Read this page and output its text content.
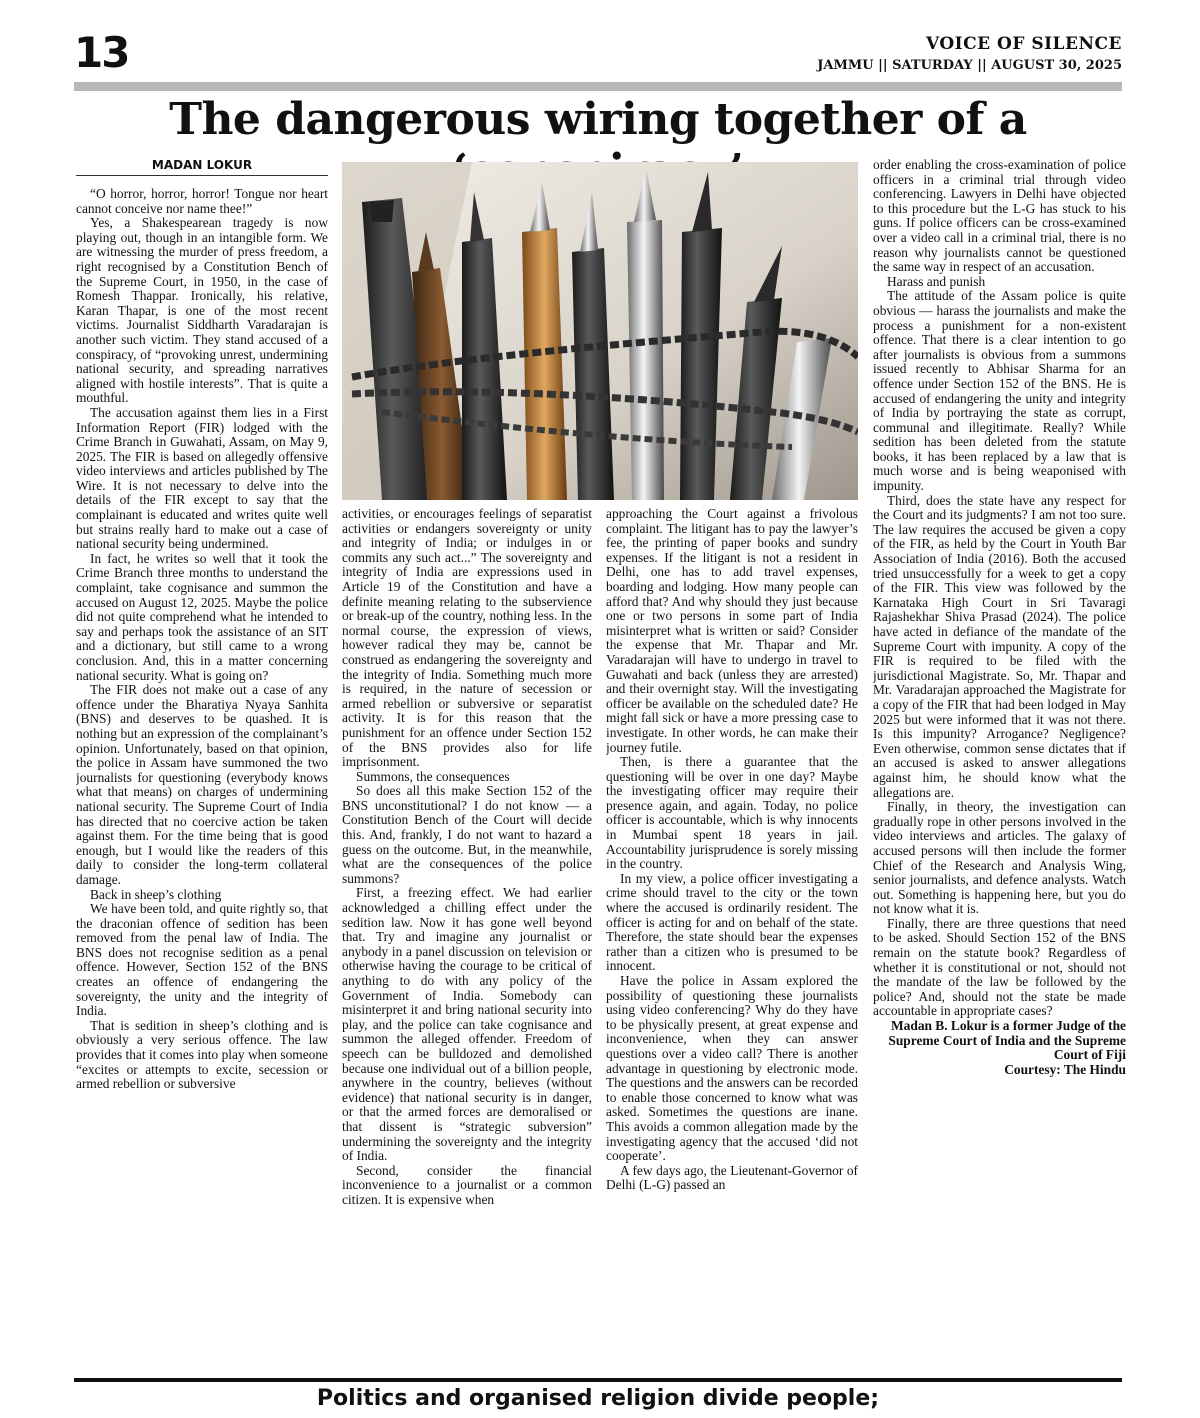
13	VOICE OF SILENCE
JAMMU || SATURDAY || AUGUST 30, 2025
The dangerous wiring together of a
MADAN LOKUR

“O horror, horror, horror! Tongue nor heart cannot conceive nor name thee!”

Yes, a Shakespearean tragedy is now playing out, though in an intangible form. We are witnessing the murder of press freedom, a right recognised by a Constitution Bench of the Supreme Court, in 1950, in the case of Romesh Thappar. Ironically, his relative, Karan Thapar, is one of the most recent victims. Journalist Siddharth Varadarajan is another such victim. They stand accused of a conspiracy, of “provoking unrest, undermining national security, and spreading narratives aligned with hostile interests”. That is quite a mouthful.

The accusation against them lies in a First Information Report (FIR) lodged with the Crime Branch in Guwahati, Assam, on May 9, 2025. The FIR is based on allegedly offensive video interviews and articles published by The Wire. It is not necessary to delve into the details of the FIR except to say that the complainant is educated and writes quite well but strains really hard to make out a case of national security being undermined.

In fact, he writes so well that it took the Crime Branch three months to understand the complaint, take cognisance and summon the accused on August 12, 2025. Maybe the police did not quite comprehend what he intended to say and perhaps took the assistance of an SIT and a dictionary, but still came to a wrong conclusion. And, this in a matter concerning national security. What is going on?

The FIR does not make out a case of any offence under the Bharatiya Nyaya Sanhita (BNS) and deserves to be quashed. It is nothing but an expression of the complainant’s opinion. Unfortunately, based on that opinion, the police in Assam have summoned the two journalists for questioning (everybody knows what that means) on charges of undermining national security. The Supreme Court of India has directed that no coercive action be taken against them. For the time being that is good enough, but I would like the readers of this daily to consider the long-term collateral damage.

Back in sheep’s clothing

We have been told, and quite rightly so, that the draconian offence of sedition has been removed from the penal law of India. The BNS does not recognise sedition as a penal offence. However, Section 152 of the BNS creates an offence of endangering the sovereignty, the unity and the integrity of India.

That is sedition in sheep’s clothing and is obviously a very serious offence. The law provides that it comes into play when someone “excites or attempts to excite, secession or armed rebellion or subversive

activities, or encourages feelings of separatist activities or endangers sovereignty or unity and integrity of India; or indulges in or commits any such act...” The sovereignty and integrity of India are expressions used in Article 19 of the Constitution and have a definite meaning relating to the subservience or break-up of the country, nothing less. In the normal course, the expression of views, however radical they may be, cannot be construed as endangering the sovereignty and the integrity of India. Something much more is required, in the nature of secession or armed rebellion or subversive or separatist activity. It is for this reason that the punishment for an offence under Section 152 of the BNS provides also for life imprisonment.

Summons, the consequences

So does all this make Section 152 of the BNS unconstitutional? I do not know — a Constitution Bench of the Court will decide this. And, frankly, I do not want to hazard a guess on the outcome. But, in the meanwhile, what are the consequences of the police summons?

First, a freezing effect. We had earlier acknowledged a chilling effect under the sedition law. Now it has gone well beyond that. Try and imagine any journalist or anybody in a panel discussion on television or otherwise having the courage to be critical of anything to do with any policy of the Government of India. Somebody can misinterpret it and bring national security into play, and the police can take cognisance and summon the alleged offender. Freedom of speech can be bulldozed and demolished because one individual out of a billion people, anywhere in the country, believes (without evidence) that national security is in danger, or that the armed forces are demoralised or that dissent is “strategic subversion” undermining the sovereignty and the integrity of India.

Second, consider the financial inconvenience to a journalist or a common citizen. It is expensive when

approaching the Court against a frivolous complaint. The litigant has to pay the lawyer’s fee, the printing of paper books and sundry expenses. If the litigant is not a resident in Delhi, one has to add travel expenses, boarding and lodging. How many people can afford that? And why should they just because one or two persons in some part of India misinterpret what is written or said? Consider the expense that Mr. Thapar and Mr. Varadarajan will have to undergo in travel to Guwahati and back (unless they are arrested) and their overnight stay. Will the investigating officer be available on the scheduled date? He might fall sick or have a more pressing case to investigate. In other words, he can make their journey futile.

Then, is there a guarantee that the questioning will be over in one day? Maybe the investigating officer may require their presence again, and again. Today, no police officer is accountable, which is why innocents in Mumbai spent 18 years in jail. Accountability jurisprudence is sorely missing in the country.

In my view, a police officer investigating a crime should travel to the city or the town where the accused is ordinarily resident. The officer is acting for and on behalf of the state. Therefore, the state should bear the expenses rather than a citizen who is presumed to be innocent.

Have the police in Assam explored the possibility of questioning these journalists using video conferencing? Why do they have to be physically present, at great expense and inconvenience, when they can answer questions over a video call? There is another advantage in questioning by electronic mode. The questions and the answers can be recorded to enable those concerned to know what was asked. Sometimes the questions are inane. This avoids a common allegation made by the investigating agency that the accused ‘did not cooperate’.

A few days ago, the Lieutenant-Governor of Delhi (L-G) passed an

order enabling the cross-examination of police officers in a criminal trial through video conferencing. Lawyers in Delhi have objected to this procedure but the L-G has stuck to his guns. If police officers can be cross-examined over a video call in a criminal trial, there is no reason why journalists cannot be questioned the same way in respect of an accusation.

Harass and punish

The attitude of the Assam police is quite obvious — harass the journalists and make the process a punishment for a non-existent offence. That there is a clear intention to go after journalists is obvious from a summons issued recently to Abhisar Sharma for an offence under Section 152 of the BNS. He is accused of endangering the unity and integrity of India by portraying the state as corrupt, communal and illegitimate. Really? While sedition has been deleted from the statute books, it has been replaced by a law that is much worse and is being weaponised with impunity.

Third, does the state have any respect for the Court and its judgments? I am not too sure. The law requires the accused be given a copy of the FIR, as held by the Court in Youth Bar Association of India (2016). Both the accused tried unsuccessfully for a week to get a copy of the FIR. This view was followed by the Karnataka High Court in Sri Tavaragi Rajashekhar Shiva Prasad (2024). The police have acted in defiance of the mandate of the Supreme Court with impunity. A copy of the FIR is required to be filed with the jurisdictional Magistrate. So, Mr. Thapar and Mr. Varadarajan approached the Magistrate for a copy of the FIR that had been lodged in May 2025 but were informed that it was not there. Is this impunity? Arrogance? Negligence? Even otherwise, common sense dictates that if an accused is asked to answer allegations against him, he should know what the allegations are.

Finally, in theory, the investigation can gradually rope in other persons involved in the video interviews and articles. The galaxy of accused persons will then include the former Chief of the Research and Analysis Wing, senior journalists, and defence analysts. Watch out. Something is happening here, but you do not know what it is.

Finally, there are three questions that need to be asked. Should Section 152 of the BNS remain on the statute book? Regardless of whether it is constitutional or not, should not the mandate of the law be followed by the police? And, should not the state be made accountable in appropriate cases?

Madan B. Lokur is a former Judge of the Supreme Court of India and the Supreme Court of Fiji

Courtesy: The Hindu

Politics and organised religion divide people;
